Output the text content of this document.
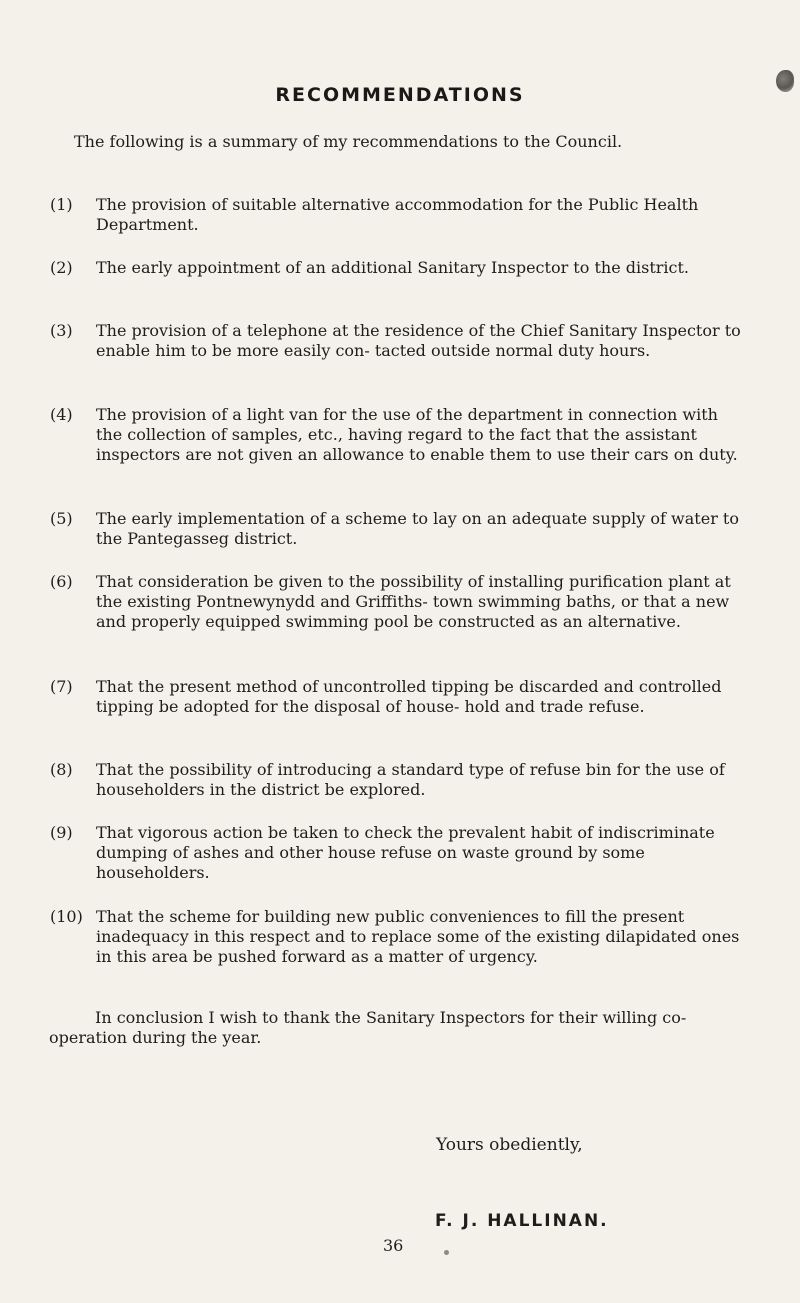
RECOMMENDATIONS
The following is a summary of my recommendations to the Council.
(1)	The provision of suitable alternative accommodation for the Public Health Department.
(2)	The early appointment of an additional Sanitary Inspector to the district.
(3)	The provision of a telephone at the residence of the Chief Sanitary Inspector to enable him to be more easily con- tacted outside normal duty hours.
(4)	The provision of a light van for the use of the department in connection with the collection of samples, etc., having regard to the fact that the assistant inspectors are not given an allowance to enable them to use their cars on duty.
(5)	The early implementation of a scheme to lay on an adequate supply of water to the Pantegasseg district.
(6)	That consideration be given to the possibility of installing purification plant at the existing Pontnewynydd and Griffiths- town swimming baths, or that a new and properly equipped swimming pool be constructed as an alternative.
(7)	That the present method of uncontrolled tipping be discarded and controlled tipping be adopted for the disposal of house- hold and trade refuse.
(8)	That the possibility of introducing a standard type of refuse bin for the use of householders in the district be explored.
(9)	That vigorous action be taken to check the prevalent habit of indiscriminate dumping of ashes and other house refuse on waste ground by some householders.
(10) That the scheme for building new public conveniences to fill the present inadequacy in this respect and to replace some of the existing dilapidated ones in this area be pushed forward as a matter of urgency.
In conclusion I wish to thank the Sanitary Inspectors for their willing co-operation during the year.
Yours obediently,
F. J. HALLINAN.
36
